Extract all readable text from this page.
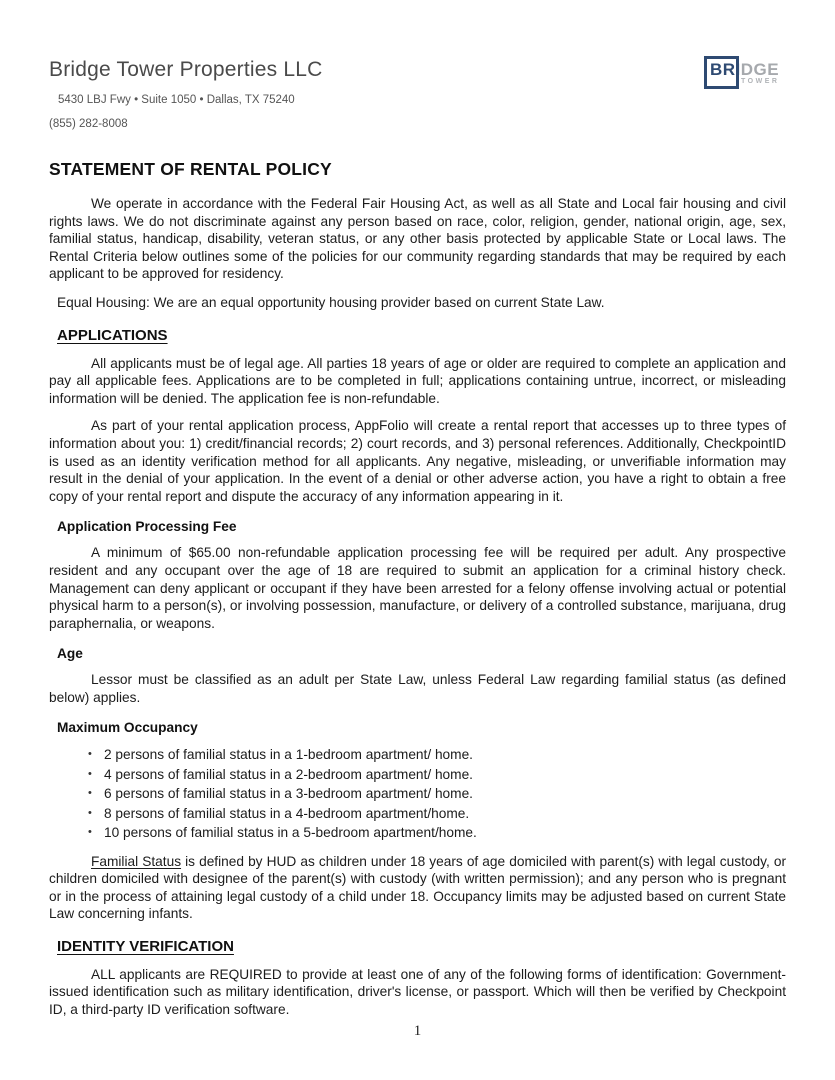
Bridge Tower Properties LLC
5430 LBJ Fwy • Suite 1050 • Dallas, TX 75240
(855) 282-8008
BRIDGE
TOWER
STATEMENT OF RENTAL POLICY

We operate in accordance with the Federal Fair Housing Act, as well as all State and Local fair housing and civil rights laws. We do not discriminate against any person based on race, color, religion, gender, national origin, age, sex, familial status, handicap, disability, veteran status, or any other basis protected by applicable State or Local laws. The Rental Criteria below outlines some of the policies for our community regarding standards that may be required by each applicant to be approved for residency.

Equal Housing: We are an equal opportunity housing provider based on current State Law.
APPLICATIONS

All applicants must be of legal age. All parties 18 years of age or older are required to complete an application and pay all applicable fees. Applications are to be completed in full; applications containing untrue, incorrect, or misleading information will be denied. The application fee is non-refundable.

As part of your rental application process, AppFolio will create a rental report that accesses up to three types of information about you: 1) credit/financial records; 2) court records, and 3) personal references. Additionally, CheckpointID is used as an identity verification method for all applicants. Any negative, misleading, or unverifiable information may result in the denial of your application. In the event of a denial or other adverse action, you have a right to obtain a free copy of your rental report and dispute the accuracy of any information appearing in it.

Application Processing Fee

A minimum of $65.00 non-refundable application processing fee will be required per adult. Any prospective resident and any occupant over the age of 18 are required to submit an application for a criminal history check. Management can deny applicant or occupant if they have been arrested for a felony offense involving actual or potential physical harm to a person(s), or involving possession, manufacture, or delivery of a controlled substance, marijuana, drug paraphernalia, or weapons.

Age

Lessor must be classified as an adult per State Law, unless Federal Law regarding familial status (as defined below) applies.

Maximum Occupancy
• 2 persons of familial status in a 1-bedroom apartment/ home.
• 4 persons of familial status in a 2-bedroom apartment/ home.
• 6 persons of familial status in a 3-bedroom apartment/ home.
• 8 persons of familial status in a 4-bedroom apartment/home.
• 10 persons of familial status in a 5-bedroom apartment/home.

Familial Status is defined by HUD as children under 18 years of age domiciled with parent(s) with legal custody, or children domiciled with designee of the parent(s) with custody (with written permission); and any person who is pregnant or in the process of attaining legal custody of a child under 18. Occupancy limits may be adjusted based on current State Law concerning infants.

IDENTITY VERIFICATION

ALL applicants are REQUIRED to provide at least one of any of the following forms of identification: Government-issued identification such as military identification, driver's license, or passport. Which will then be verified by Checkpoint ID, a third-party ID verification software.

1
